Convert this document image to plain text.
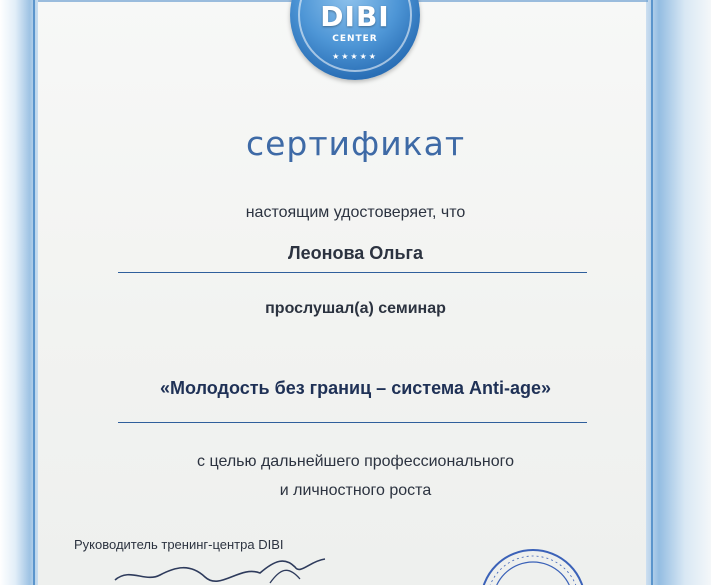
DIBI
CENTER
★★★★★
сертификат
настоящим удостоверяет, что
Леонова Ольга
прослушал(а) семинар
«Молодость без границ – система Anti-age»
с целью дальнейшего профессионального
и личностного роста
Руководитель тренинг-центра DIBI
